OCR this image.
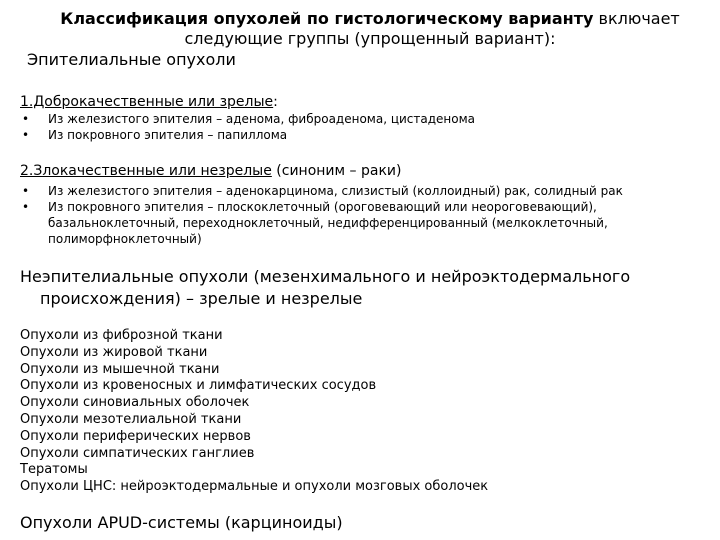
Классификация опухолей по гистологическому варианту включает следующие группы (упрощенный вариант):
Эпителиальные опухоли
1.Доброкачественные или зрелые:
• Из железистого эпителия – аденома, фиброаденома, цистаденома
• Из покровного эпителия – папиллома
2.Злокачественные или незрелые (синоним – раки)
• Из железистого эпителия – аденокарцинома, слизистый (коллоидный) рак, солидный рак
• Из покровного эпителия – плоскоклеточный (ороговевающий или неороговевающий), базальноклеточный, переходноклеточный, недифференцированный (мелкоклеточный, полиморфноклеточный)
Неэпителиальные опухоли (мезенхимального и нейроэктодермального
происхождения) – зрелые и незрелые
Опухоли из фиброзной ткани
Опухоли из жировой ткани
Опухоли из мышечной ткани
Опухоли из кровеносных и лимфатических сосудов
Опухоли синовиальных оболочек
Опухоли мезотелиальной ткани
Опухоли периферических нервов
Опухоли симпатических ганглиев
Тератомы
Опухоли ЦНС: нейроэктодермальные и опухоли мозговых оболочек
Опухоли APUD-системы (карциноиды)
